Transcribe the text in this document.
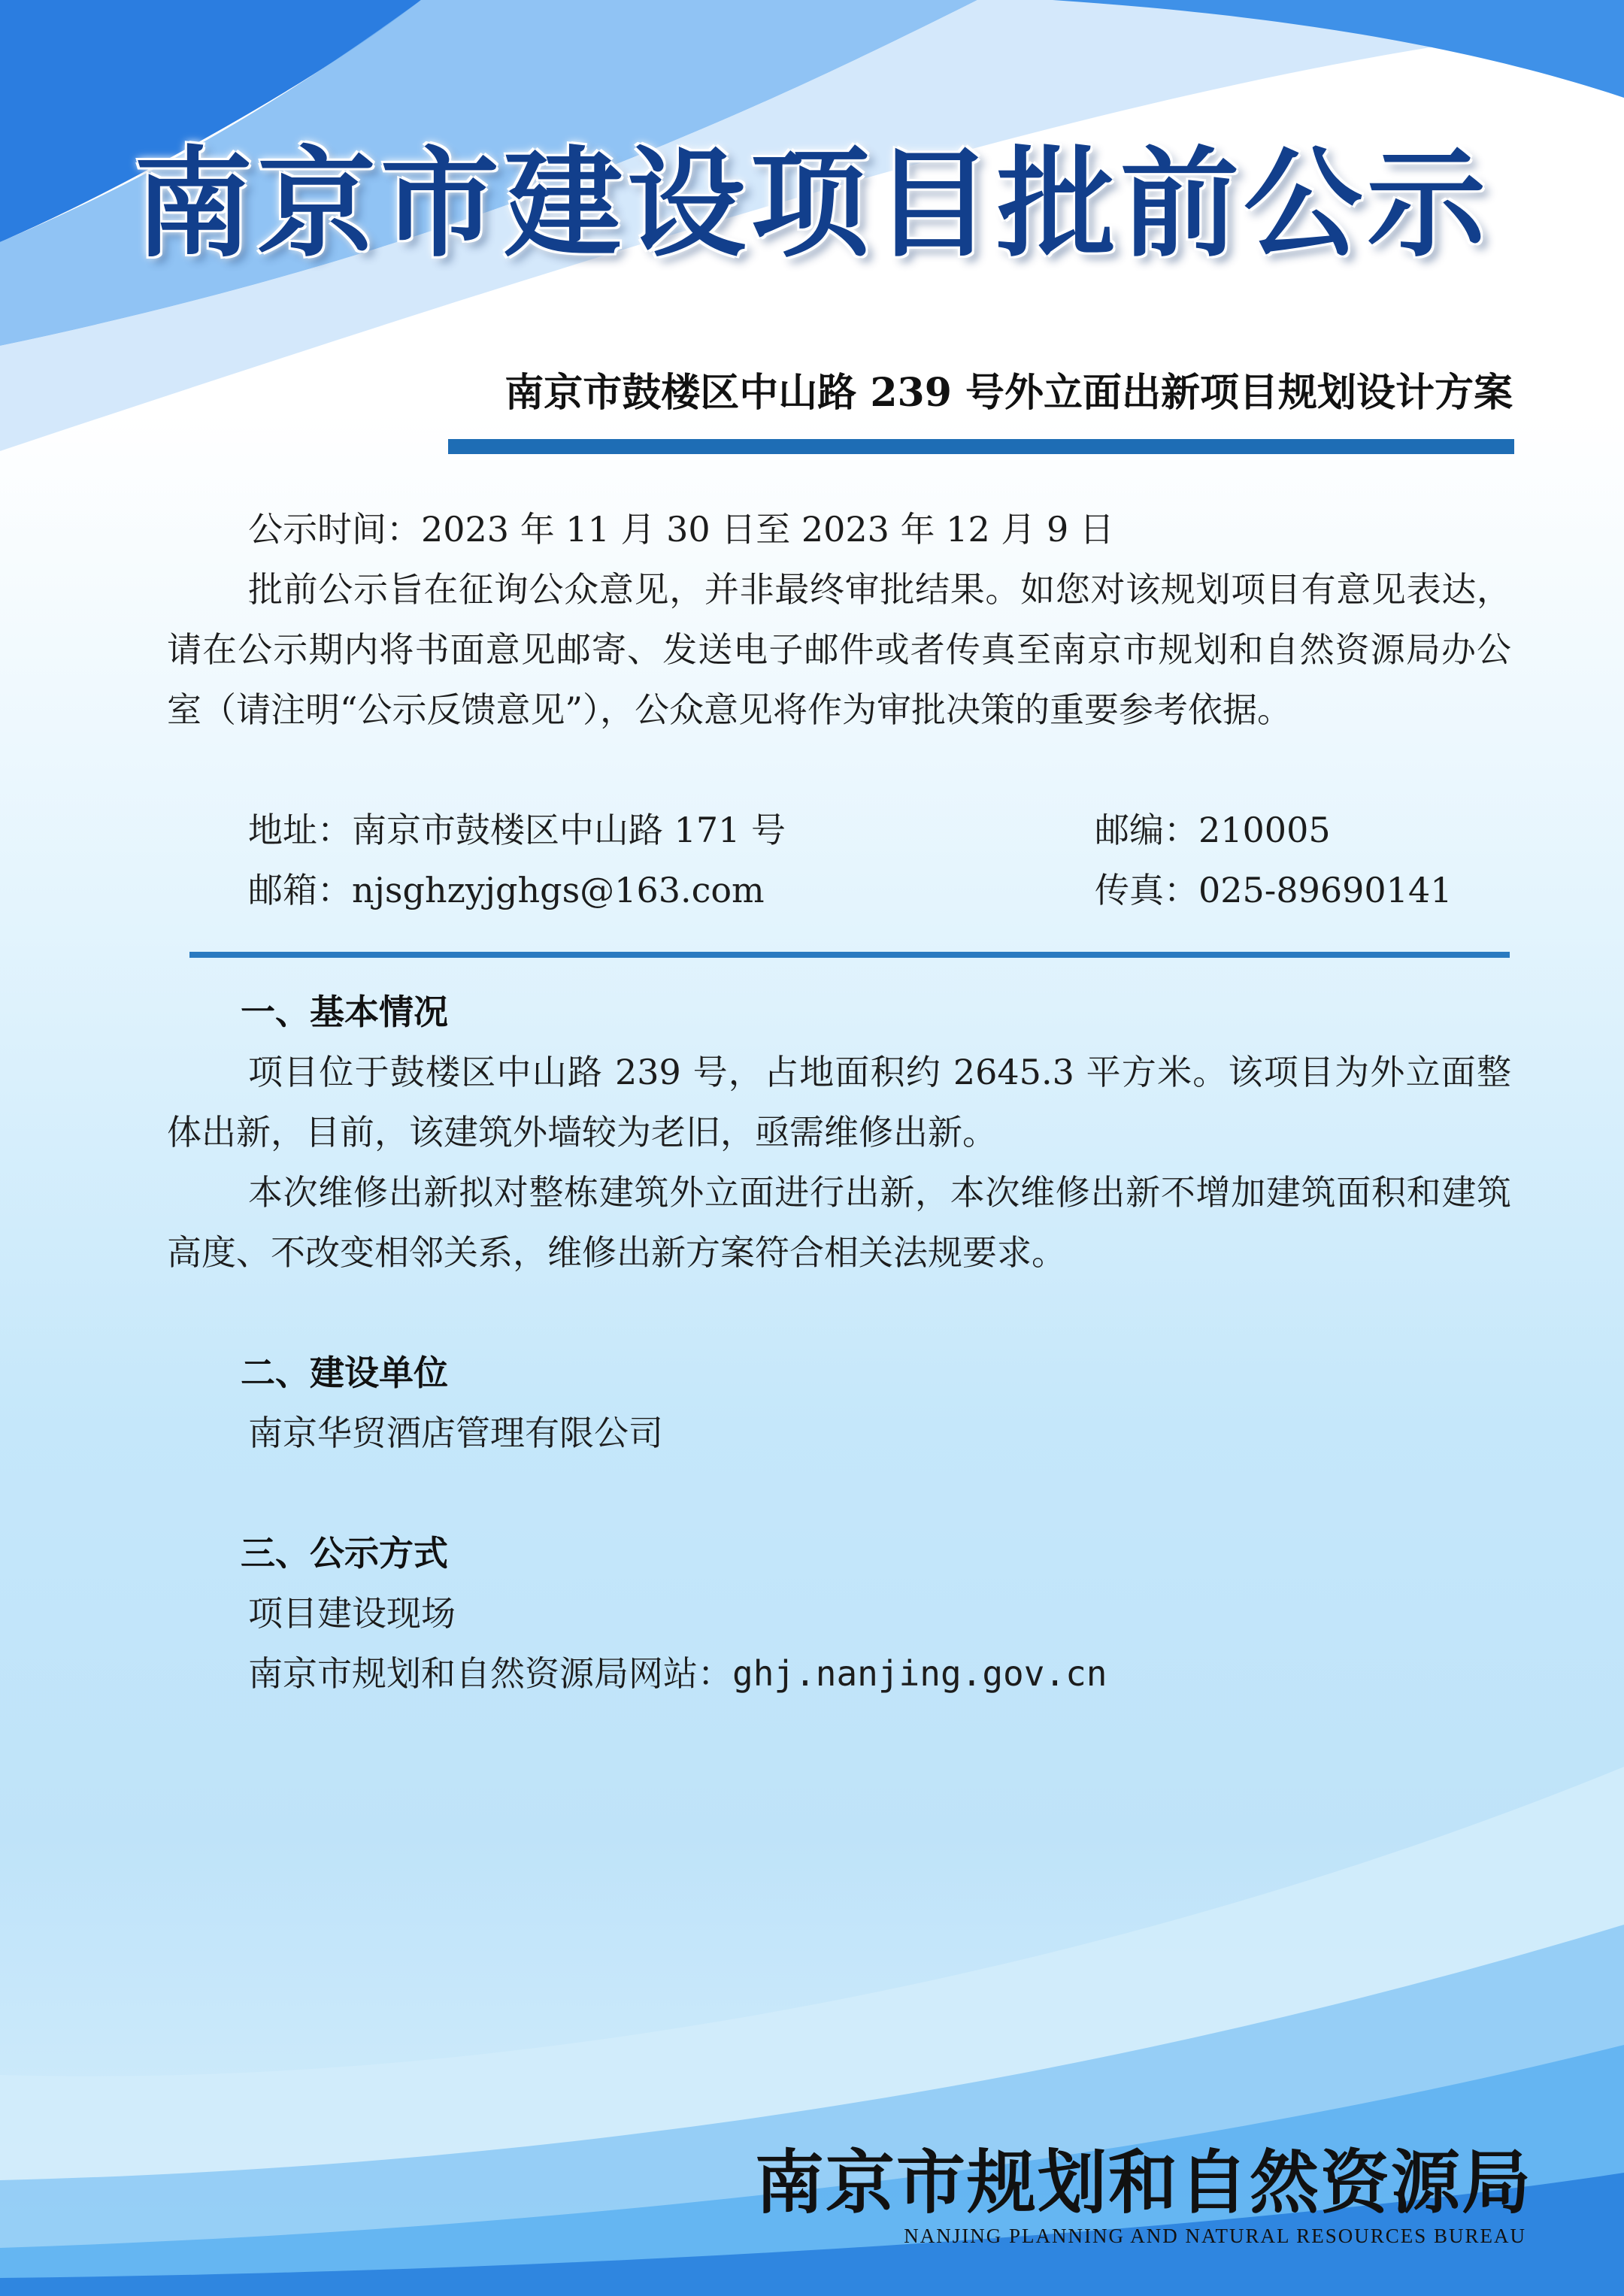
南京市建设项目批前公示
南京市鼓楼区中山路 239 号外立面出新项目规划设计方案

公示时间：2023 年 11 月 30 日至 2023 年 12 月 9 日

批前公示旨在征询公众意见，并非最终审批结果。如您对该规划项目有意见表达，请在公示期内将书面意见邮寄、发送电子邮件或者传真至南京市规划和自然资源局办公室（请注明“公示反馈意见”），公众意见将作为审批决策的重要参考依据。

地址：南京市鼓楼区中山路 171 号	邮编：210005
邮箱：njsghzyjghgs@163.com	传真：025-89690141
一、基本情况

项目位于鼓楼区中山路 239 号，占地面积约 2645.3 平方米。该项目为外立面整体出新，目前，该建筑外墙较为老旧，亟需维修出新。

本次维修出新拟对整栋建筑外立面进行出新，本次维修出新不增加建筑面积和建筑高度、不改变相邻关系，维修出新方案符合相关法规要求。

二、建设单位

南京华贸酒店管理有限公司

三、公示方式

项目建设现场

南京市规划和自然资源局网站：ghj.nanjing.gov.cn

南京市规划和自然资源局
NANJING PLANNING AND NATURAL RESOURCES BUREAU
